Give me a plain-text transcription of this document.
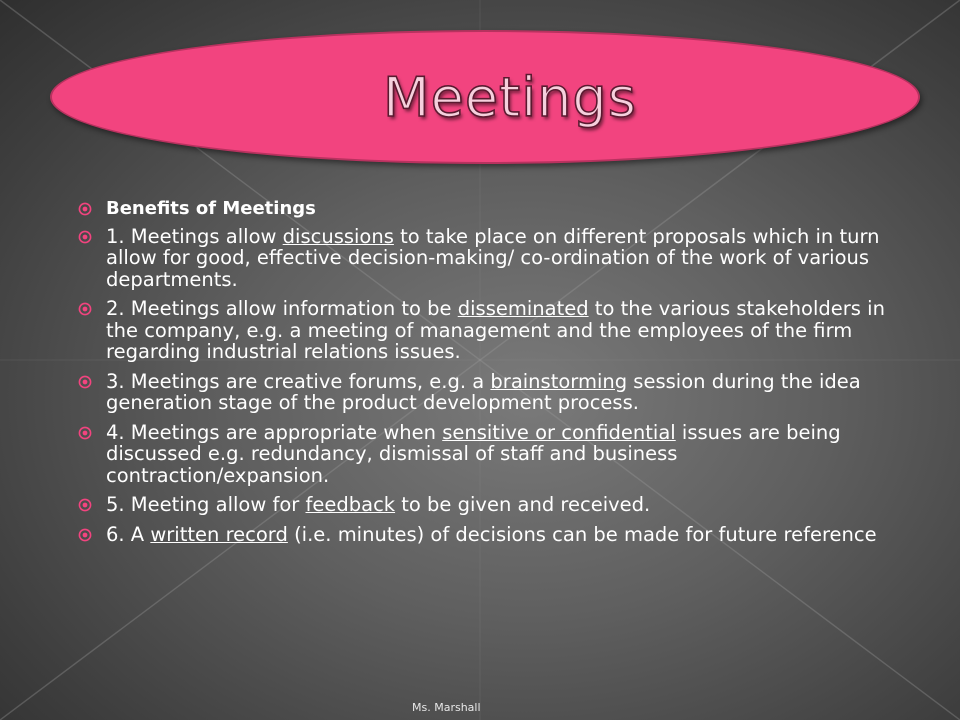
Meetings
Benefits of Meetings
1. Meetings allow discussions to take place on different proposals which in turn allow for good, effective decision-making/ co-ordination of the work of various departments.
2. Meetings allow information to be disseminated to the various stakeholders in the company, e.g. a meeting of management and the employees of the firm regarding industrial relations issues.
3. Meetings are creative forums, e.g. a brainstorming session during the idea generation stage of the product development process.
4. Meetings are appropriate when sensitive or confidential issues are being discussed e.g. redundancy, dismissal of staff and business contraction/expansion.
5. Meeting allow for feedback to be given and received.
6. A written record (i.e. minutes) of decisions can be made for future reference
Ms. Marshall
